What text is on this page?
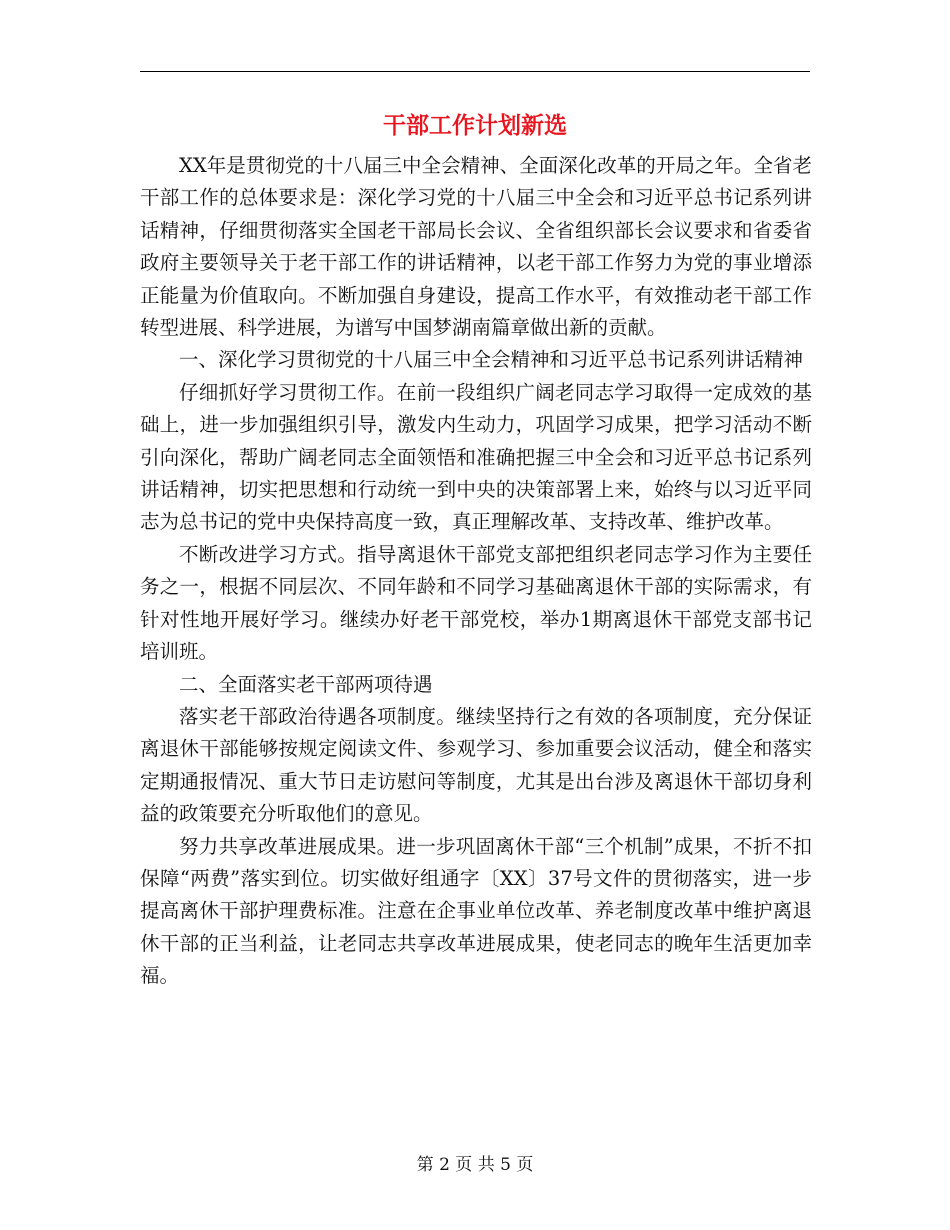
干部工作计划新选

XX年是贯彻党的十八届三中全会精神、全面深化改革的开局之年。全省老干部工作的总体要求是：深化学习党的十八届三中全会和习近平总书记系列讲话精神，仔细贯彻落实全国老干部局长会议、全省组织部长会议要求和省委省政府主要领导关于老干部工作的讲话精神，以老干部工作努力为党的事业增添正能量为价值取向。不断加强自身建设，提高工作水平，有效推动老干部工作转型进展、科学进展，为谱写中国梦湖南篇章做出新的贡献。

一、深化学习贯彻党的十八届三中全会精神和习近平总书记系列讲话精神

仔细抓好学习贯彻工作。在前一段组织广阔老同志学习取得一定成效的基础上，进一步加强组织引导，激发内生动力，巩固学习成果，把学习活动不断引向深化，帮助广阔老同志全面领悟和准确把握三中全会和习近平总书记系列讲话精神，切实把思想和行动统一到中央的决策部署上来，始终与以习近平同志为总书记的党中央保持高度一致，真正理解改革、支持改革、维护改革。

不断改进学习方式。指导离退休干部党支部把组织老同志学习作为主要任务之一，根据不同层次、不同年龄和不同学习基础离退休干部的实际需求，有针对性地开展好学习。继续办好老干部党校，举办1期离退休干部党支部书记培训班。

二、全面落实老干部两项待遇

落实老干部政治待遇各项制度。继续坚持行之有效的各项制度，充分保证离退休干部能够按规定阅读文件、参观学习、参加重要会议活动，健全和落实定期通报情况、重大节日走访慰问等制度，尤其是出台涉及离退休干部切身利益的政策要充分听取他们的意见。

努力共享改革进展成果。进一步巩固离休干部“三个机制”成果，不折不扣保障“两费”落实到位。切实做好组通字〔XX〕37号文件的贯彻落实，进一步提高离休干部护理费标准。注意在企事业单位改革、养老制度改革中维护离退休干部的正当利益，让老同志共享改革进展成果，使老同志的晚年生活更加幸福。

第 2 页 共 5 页
